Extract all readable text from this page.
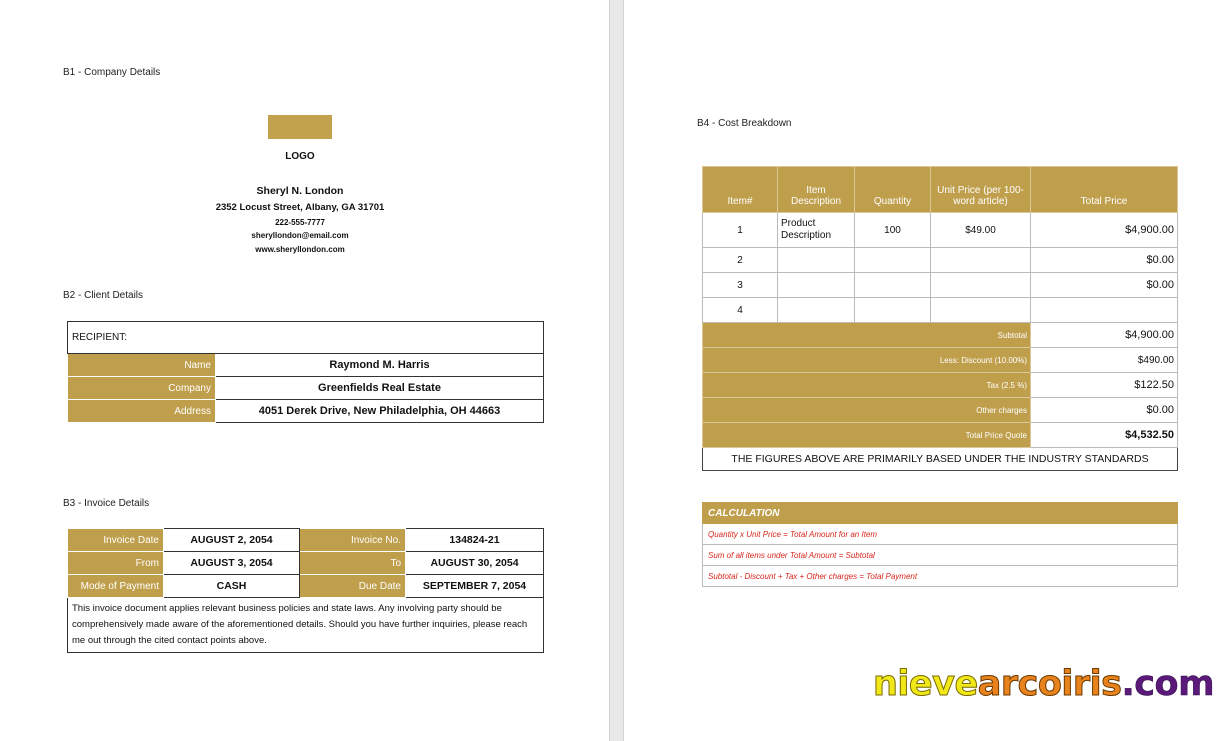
B1 - Company Details
LOGO
Sheryl N. London
2352 Locust Street, Albany, GA 31701
222-555-7777
sheryllondon@email.com
www.sheryllondon.com
B2 - Client Details
RECIPIENT:	
Name	Raymond M. Harris
Company	Greenfields Real Estate
Address	4051 Derek Drive, New Philadelphia, OH 44663
B3 - Invoice Details
Invoice Date	AUGUST 2, 2054	Invoice No.	134824-21
From	AUGUST 3, 2054	To	AUGUST 30, 2054
Mode of Payment	CASH	Due Date	SEPTEMBER 7, 2054
This invoice document applies relevant business policies and state laws. Any involving party should be comprehensively made aware of the aforementioned details. Should you have further inquiries, please reach me out through the cited contact points above.			
B4 - Cost Breakdown
Item#	Item Description	Quantity	Unit Price (per 100-word article)	Total Price
1	Product Description	100	$49.00	$4,900.00
2				$0.00
3				$0.00
4				
Subtotal				$4,900.00
Less: Discount (10.00%)				$490.00
Tax (2.5 %)				$122.50
Other charges				$0.00
Total Price Quote				$4,532.50
THE FIGURES ABOVE ARE PRIMARILY BASED UNDER THE INDUSTRY STANDARDS				
CALCULATION
Quantity x Unit Price = Total Amount for an Item
Sum of all items under Total Amount = Subtotal
Subtotal - Discount + Tax + Other charges = Total Payment
nievearcoiris.com
